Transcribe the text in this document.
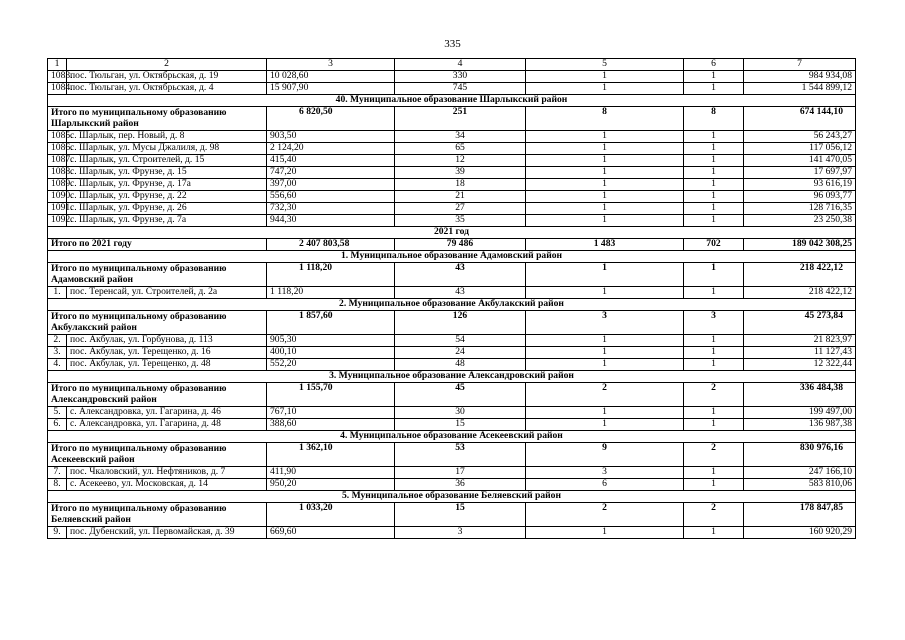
335
1	2	3	4	5	6	7
1083.	пос. Тюльган, ул. Октябрьская, д. 19	10 028,60	330	1	1	984 934,08
1084.	пос. Тюльган, ул. Октябрьская, д. 4	15 907,90	745	1	1	1 544 899,12
40. Муниципальное образование Шарлыкский район						
Итого по муниципальному образованию Шарлыкский район		6 820,50	251	8	8	674 144,10
1085.	с. Шарлык, пер. Новый, д. 8	903,50	34	1	1	56 243,27
1086.	с. Шарлык, ул. Мусы Джалиля, д. 98	2 124,20	65	1	1	117 056,12
1087.	с. Шарлык, ул. Строителей, д. 15	415,40	12	1	1	141 470,05
1088.	с. Шарлык, ул. Фрунзе, д. 15	747,20	39	1	1	17 697,97
1089.	с. Шарлык, ул. Фрунзе, д. 17а	397,00	18	1	1	93 616,19
1090.	с. Шарлык, ул. Фрунзе, д. 22	556,60	21	1	1	96 093,77
1091.	с. Шарлык, ул. Фрунзе, д. 26	732,30	27	1	1	128 716,35
1092.	с. Шарлык, ул. Фрунзе, д. 7а	944,30	35	1	1	23 250,38
2021 год						
Итого по 2021 году		2 407 803,58	79 486	1 483	702	189 042 308,25
1. Муниципальное образование Адамовский район						
Итого по муниципальному образованию Адамовский район		1 118,20	43	1	1	218 422,12
1.	пос. Теренсай, ул. Строителей, д. 2а	1 118,20	43	1	1	218 422,12
2. Муниципальное образование Акбулакский район						
Итого по муниципальному образованию Акбулакский район		1 857,60	126	3	3	45 273,84
2.	пос. Акбулак, ул. Горбунова, д. 113	905,30	54	1	1	21 823,97
3.	пос. Акбулак, ул. Терещенко, д. 16	400,10	24	1	1	11 127,43
4.	пос. Акбулак, ул. Терещенко, д. 48	552,20	48	1	1	12 322,44
3. Муниципальное образование Александровский район						
Итого по муниципальному образованию Александровский район		1 155,70	45	2	2	336 484,38
5.	с. Александровка, ул. Гагарина, д. 46	767,10	30	1	1	199 497,00
6.	с. Александровка, ул. Гагарина, д. 48	388,60	15	1	1	136 987,38
4. Муниципальное образование Асекеевский район						
Итого по муниципальному образованию Асекеевский район		1 362,10	53	9	2	830 976,16
7.	пос. Чкаловский, ул. Нефтяников, д. 7	411,90	17	3	1	247 166,10
8.	с. Асекеево, ул. Московская, д. 14	950,20	36	6	1	583 810,06
5. Муниципальное образование Беляевский район						
Итого по муниципальному образованию Беляевский район		1 033,20	15	2	2	178 847,85
9.	пос. Дубенский, ул. Первомайская, д. 39	669,60	3	1	1	160 920,29
